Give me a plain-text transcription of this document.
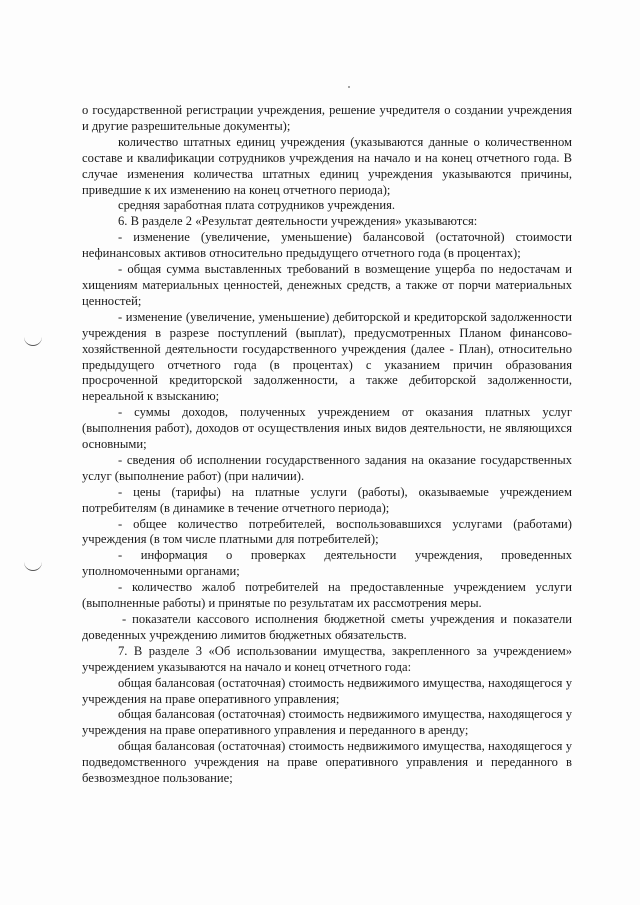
о государственной регистрации учреждения, решение учредителя о создании учреждения и другие разрешительные документы);

количество штатных единиц учреждения (указываются данные о количественном составе и квалификации сотрудников учреждения на начало и на конец отчетного года. В случае изменения количества штатных единиц учреждения указываются причины, приведшие к их изменению на конец отчетного периода);

средняя заработная плата сотрудников учреждения.

6. В разделе 2 «Результат деятельности учреждения» указываются:

- изменение (увеличение, уменьшение) балансовой (остаточной) стоимости нефинансовых активов относительно предыдущего отчетного года (в процентах);

- общая сумма выставленных требований в возмещение ущерба по недостачам и хищениям материальных ценностей, денежных средств, а также от порчи материальных ценностей;

- изменение (увеличение, уменьшение) дебиторской и кредиторской задолженности учреждения в разрезе поступлений (выплат), предусмотренных Планом финансово-хозяйственной деятельности государственного учреждения (далее - План), относительно предыдущего отчетного года (в процентах) с указанием причин образования просроченной кредиторской задолженности, а также дебиторской задолженности, нереальной к взысканию;

- суммы доходов, полученных учреждением от оказания платных услуг (выполнения работ), доходов от осуществления иных видов деятельности, не являющихся основными;

- сведения об исполнении государственного задания на оказание государственных услуг (выполнение работ) (при наличии).

- цены (тарифы) на платные услуги (работы), оказываемые учреждением потребителям (в динамике в течение отчетного периода);

- общее количество потребителей, воспользовавшихся услугами (работами) учреждения (в том числе платными для потребителей);

- информация о проверках деятельности учреждения, проведенных уполномоченными органами;

- количество жалоб потребителей на предоставленные учреждением услуги (выполненные работы) и принятые по результатам их рассмотрения меры.

- показатели кассового исполнения бюджетной сметы учреждения и показатели доведенных учреждению лимитов бюджетных обязательств.

7. В разделе 3 «Об использовании имущества, закрепленного за учреждением» учреждением указываются на начало и конец отчетного года:

общая балансовая (остаточная) стоимость недвижимого имущества, находящегося у учреждения на праве оперативного управления;

общая балансовая (остаточная) стоимость недвижимого имущества, находящегося у учреждения на праве оперативного управления и переданного в аренду;

общая балансовая (остаточная) стоимость недвижимого имущества, находящегося у подведомственного учреждения на праве оперативного управления и переданного в безвозмездное пользование;
